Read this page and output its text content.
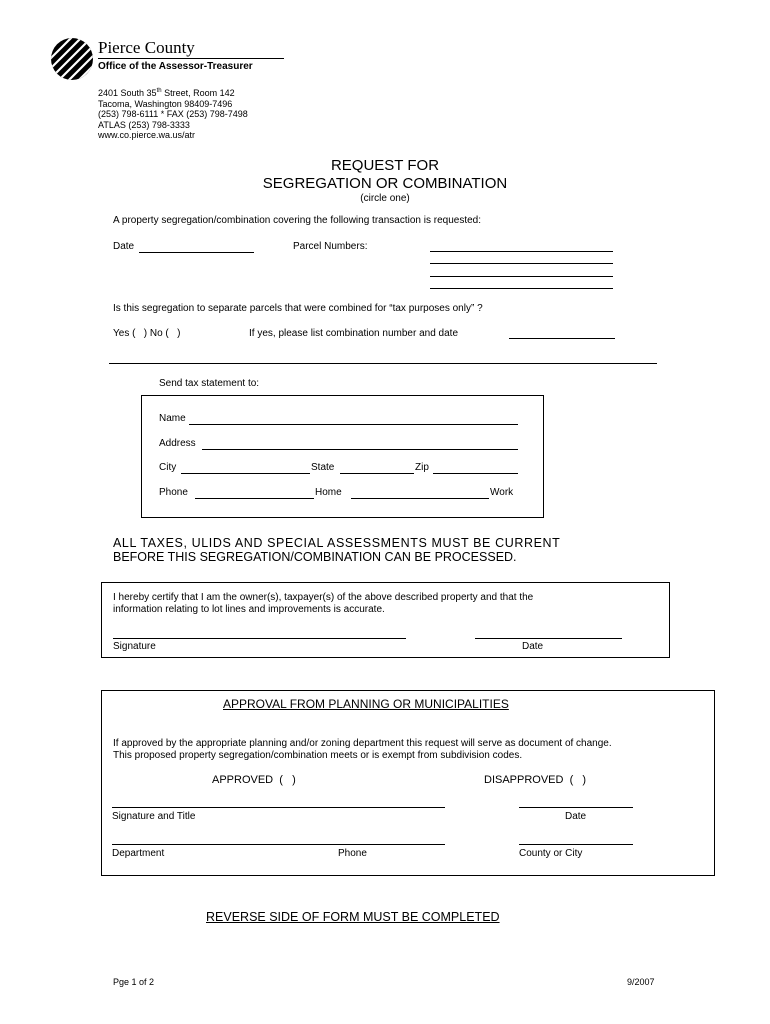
Pierce County
Office of the Assessor-Treasurer
2401 South 35th Street, Room 142
Tacoma, Washington 98409-7496
(253) 798-6111 * FAX (253) 798-7498
ATLAS (253) 798-3333
www.co.pierce.wa.us/atr
REQUEST FOR
SEGREGATION OR COMBINATION
(circle one)
A property segregation/combination covering the following transaction is requested:
Date	Parcel Numbers:
Is this segregation to separate parcels that were combined for “tax purposes only” ?
Yes (   ) No (   )	If yes, please list combination number and date
Send tax statement to:
Name
Address
City	State	Zip
Phone	Home	Work
ALL TAXES, ULIDS AND SPECIAL ASSESSMENTS MUST BE CURRENT
BEFORE THIS SEGREGATION/COMBINATION CAN BE PROCESSED.
I hereby certify that I am the owner(s), taxpayer(s) of the above described property and that the
information relating to lot lines and improvements is accurate.
Signature	Date
APPROVAL FROM PLANNING OR MUNICIPALITIES
If approved by the appropriate planning and/or zoning department this request will serve as document of change.
This proposed property segregation/combination meets or is exempt from subdivision codes.
APPROVED  (   )	DISAPPROVED  (   )
Signature and Title	Date
Department	Phone	County or City
REVERSE SIDE OF FORM MUST BE COMPLETED
Pge 1 of 2	9/2007
